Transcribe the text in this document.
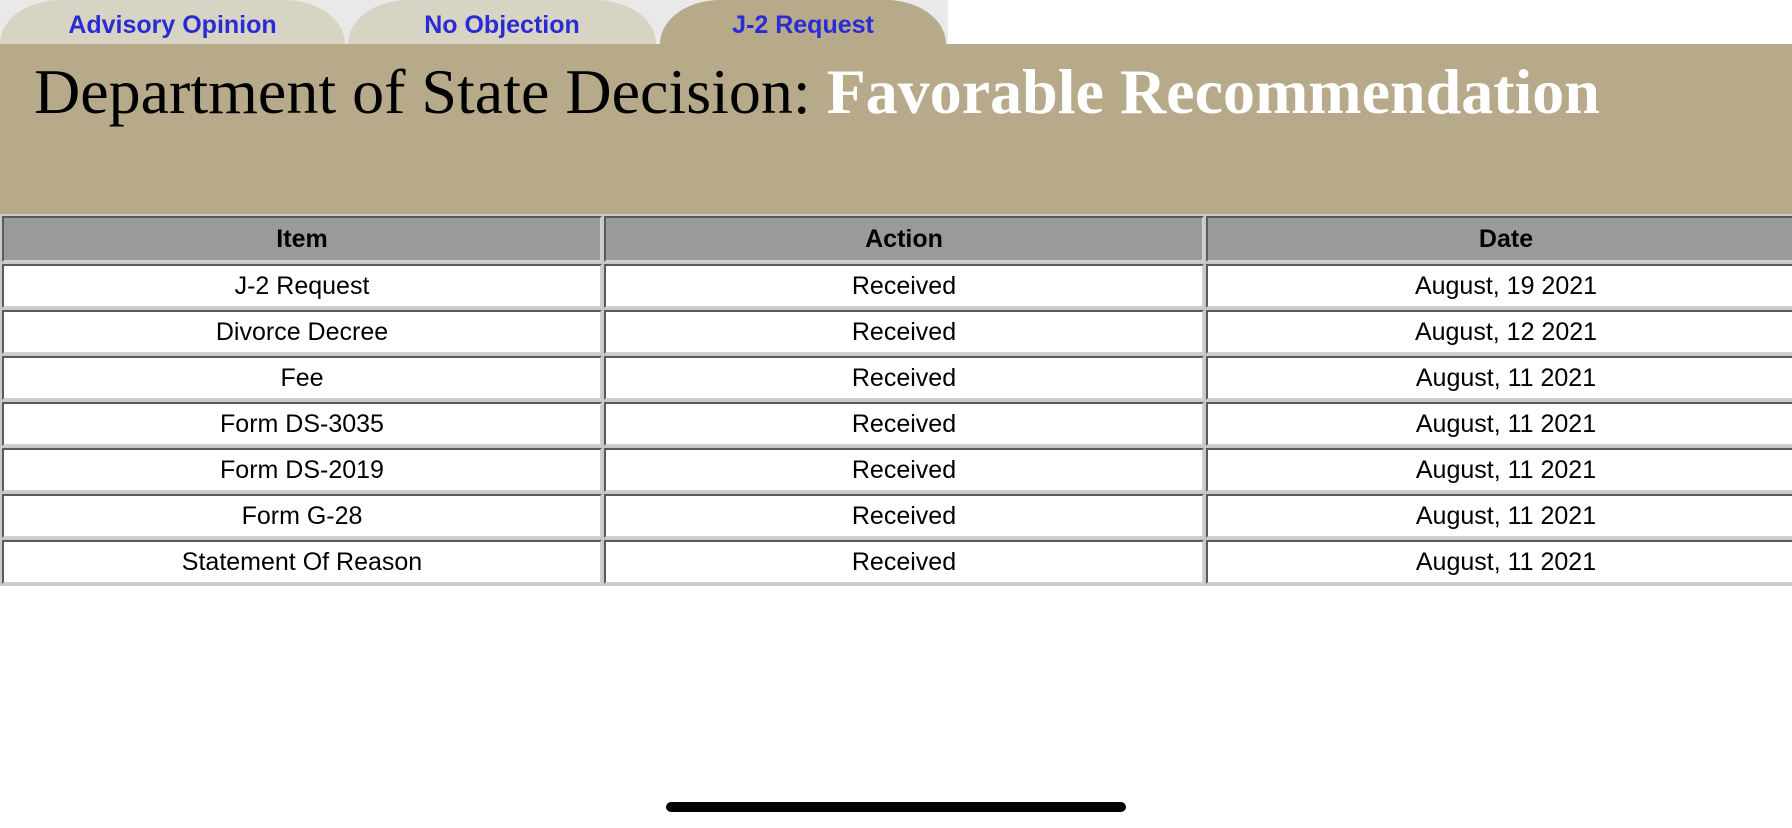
Advisory Opinion	No Objection	J-2 Request
Department of State Decision: Favorable Recommendation
Item	Action	Date
J-2 Request	Received	August, 19 2021
Divorce Decree	Received	August, 12 2021
Fee	Received	August, 11 2021
Form DS-3035	Received	August, 11 2021
Form DS-2019	Received	August, 11 2021
Form G-28	Received	August, 11 2021
Statement Of Reason	Received	August, 11 2021
